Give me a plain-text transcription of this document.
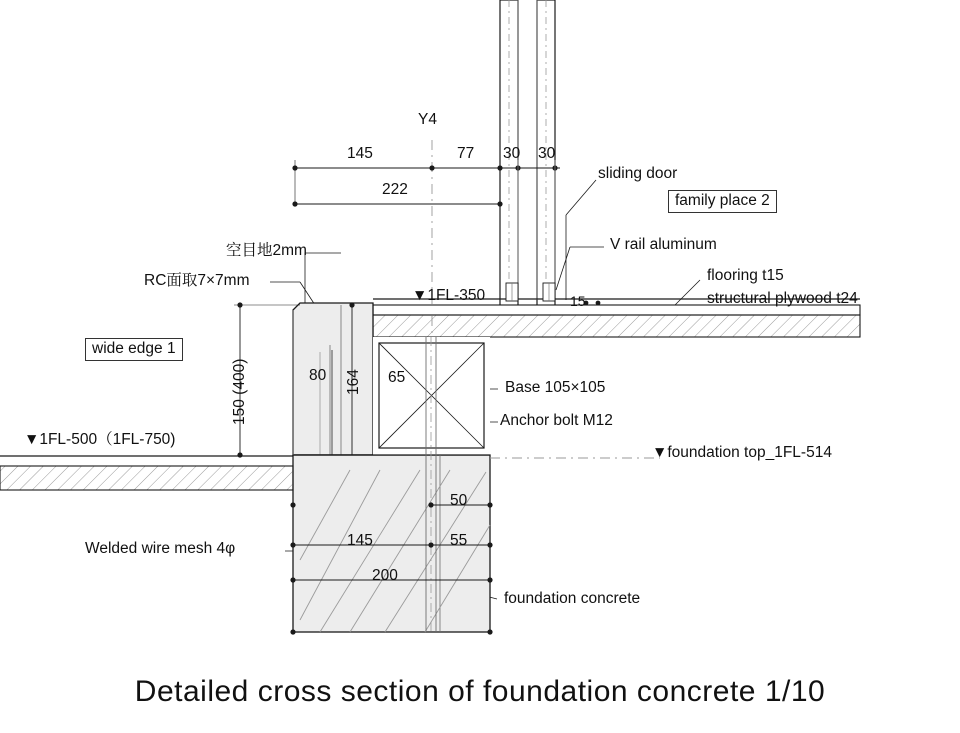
Y4
145	77 30 30
222
sliding door
family place 2
V rail aluminum
flooring t15
structural plywood t24
空目地2mm
RC面取7×7mm
▼1FL-350
wide edge 1
150 (400)	164
80	65
15
Base 105×105
Anchor bolt M12
▼1FL-500（1FL-750)
▼foundation top_1FL-514
50
55
145
200
Welded wire mesh 4φ
foundation concrete
Detailed cross section of foundation concrete 1/10
